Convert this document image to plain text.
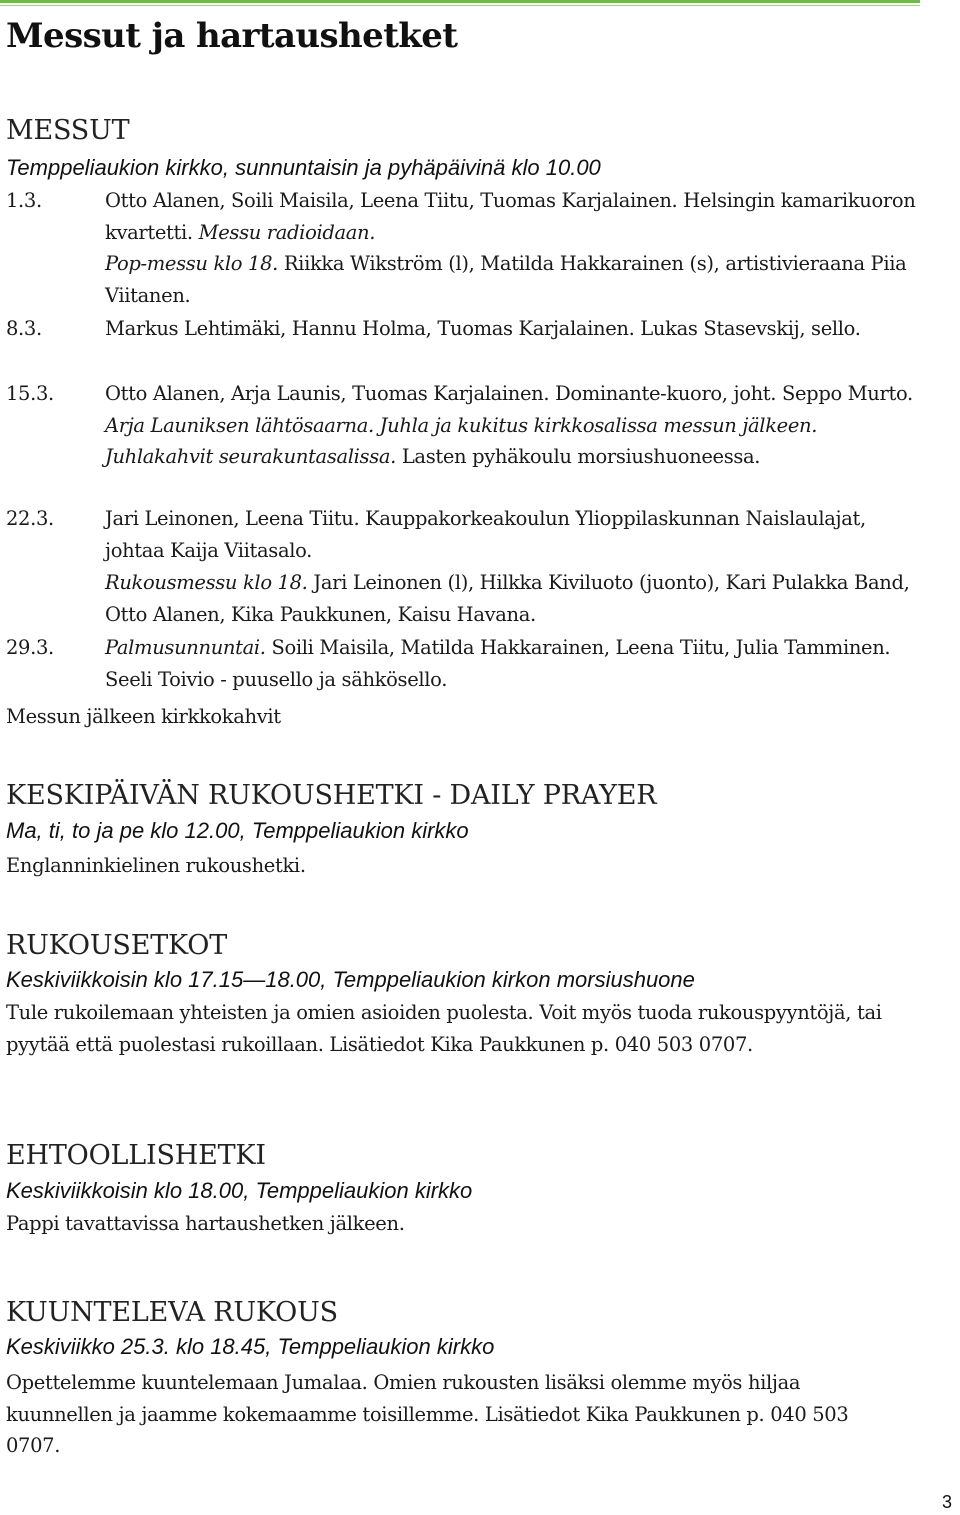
Messut ja hartaushetket
MESSUT
Temppeliaukion kirkko, sunnuntaisin ja pyhäpäivinä klo 10.00
1.3.	Otto Alanen, Soili Maisila, Leena Tiitu, Tuomas Karjalainen. Helsingin kamarikuoron kvartetti. Messu radioidaan.
Pop-messu klo 18. Riikka Wikström (l), Matilda Hakkarainen (s), artistivieraana Piia Viitanen.
8.3.	Markus Lehtimäki, Hannu Holma, Tuomas Karjalainen. Lukas Stasevskij, sello.
15.3.	Otto Alanen, Arja Launis, Tuomas Karjalainen. Dominante-kuoro, joht. Seppo Murto. Arja Launiksen lähtösaarna. Juhla ja kukitus kirkkosalissa messun jälkeen. Juhlakahvit seurakuntasalissa. Lasten pyhäkoulu morsiushuoneessa.
22.3.	Jari Leinonen, Leena Tiitu. Kauppakorkeakoulun Ylioppilaskunnan Naislaulajat, johtaa Kaija Viitasalo.
Rukousmessu klo 18. Jari Leinonen (l), Hilkka Kiviluoto (juonto), Kari Pulakka Band, Otto Alanen, Kika Paukkunen, Kaisu Havana.
29.3.	Palmusunnuntai. Soili Maisila, Matilda Hakkarainen, Leena Tiitu, Julia Tamminen. Seeli Toivio - puusello ja sähkösello.
Messun jälkeen kirkkokahvit
KESKIPÄIVÄN RUKOUSHETKI - DAILY PRAYER
Ma, ti, to ja pe klo 12.00, Temppeliaukion kirkko
Englanninkielinen rukoushetki.
RUKOUSETKOT
Keskiviikkoisin klo 17.15—18.00, Temppeliaukion kirkon morsiushuone
Tule rukoilemaan yhteisten ja omien asioiden puolesta. Voit myös tuoda rukouspyyntöjä, tai pyytää että puolestasi rukoillaan. Lisätiedot Kika Paukkunen p. 040 503 0707.
EHTOOLLISHETKI
Keskiviikkoisin klo 18.00, Temppeliaukion kirkko
Pappi tavattavissa hartaushetken jälkeen.
KUUNTELEVA RUKOUS
Keskiviikko 25.3. klo 18.45, Temppeliaukion kirkko
Opettelemme kuuntelemaan Jumalaa. Omien rukousten lisäksi olemme myös hiljaa kuunnellen ja jaamme kokemaamme toisillemme. Lisätiedot Kika Paukkunen p. 040 503 0707.
3
